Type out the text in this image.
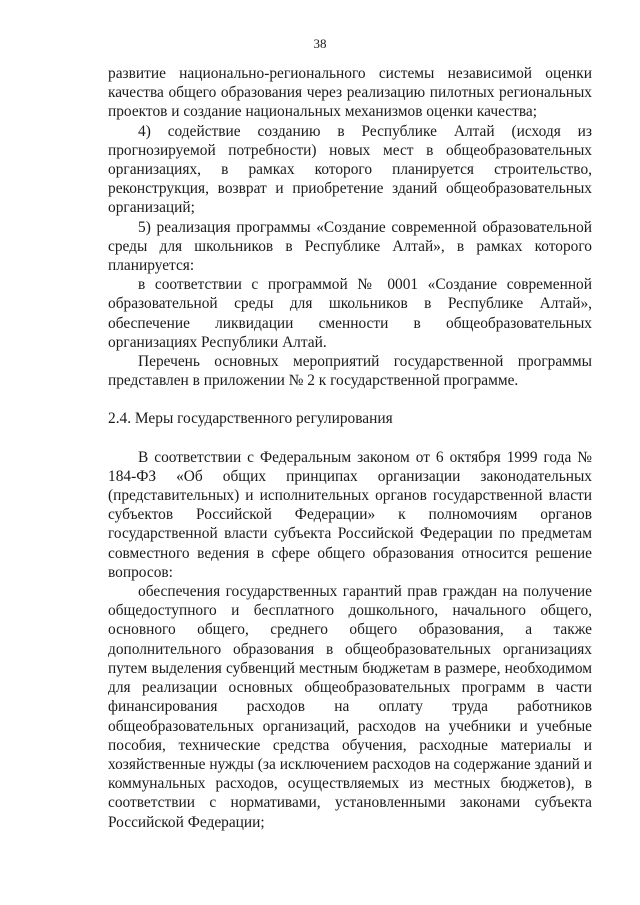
38

развитие национально-регионального системы независимой оценки качества общего образования через реализацию пилотных региональных проектов и создание национальных механизмов оценки качества;

4) содействие созданию в Республике Алтай (исходя из прогнозируемой потребности) новых мест в общеобразовательных организациях, в рамках которого планируется строительство, реконструкция, возврат и приобретение зданий общеобразовательных организаций;

5) реализация программы «Создание современной образовательной среды для школьников в Республике Алтай», в рамках которого планируется:

в соответствии с программой № 0001 «Создание современной образовательной среды для школьников в Республике Алтай», обеспечение ликвидации сменности в общеобразовательных организациях Республики Алтай.

Перечень основных мероприятий государственной программы представлен в приложении № 2 к государственной программе.

2.4. Меры государственного регулирования

В соответствии с Федеральным законом от 6 октября 1999 года № 184-ФЗ «Об общих принципах организации законодательных (представительных) и исполнительных органов государственной власти субъектов Российской Федерации» к полномочиям органов государственной власти субъекта Российской Федерации по предметам совместного ведения в сфере общего образования относится решение вопросов:

обеспечения государственных гарантий прав граждан на получение общедоступного и бесплатного дошкольного, начального общего, основного общего, среднего общего образования, а также дополнительного образования в общеобразовательных организациях путем выделения субвенций местным бюджетам в размере, необходимом для реализации основных общеобразовательных программ в части финансирования расходов на оплату труда работников общеобразовательных организаций, расходов на учебники и учебные пособия, технические средства обучения, расходные материалы и хозяйственные нужды (за исключением расходов на содержание зданий и коммунальных расходов, осуществляемых из местных бюджетов), в соответствии с нормативами, установленными законами субъекта Российской Федерации;
